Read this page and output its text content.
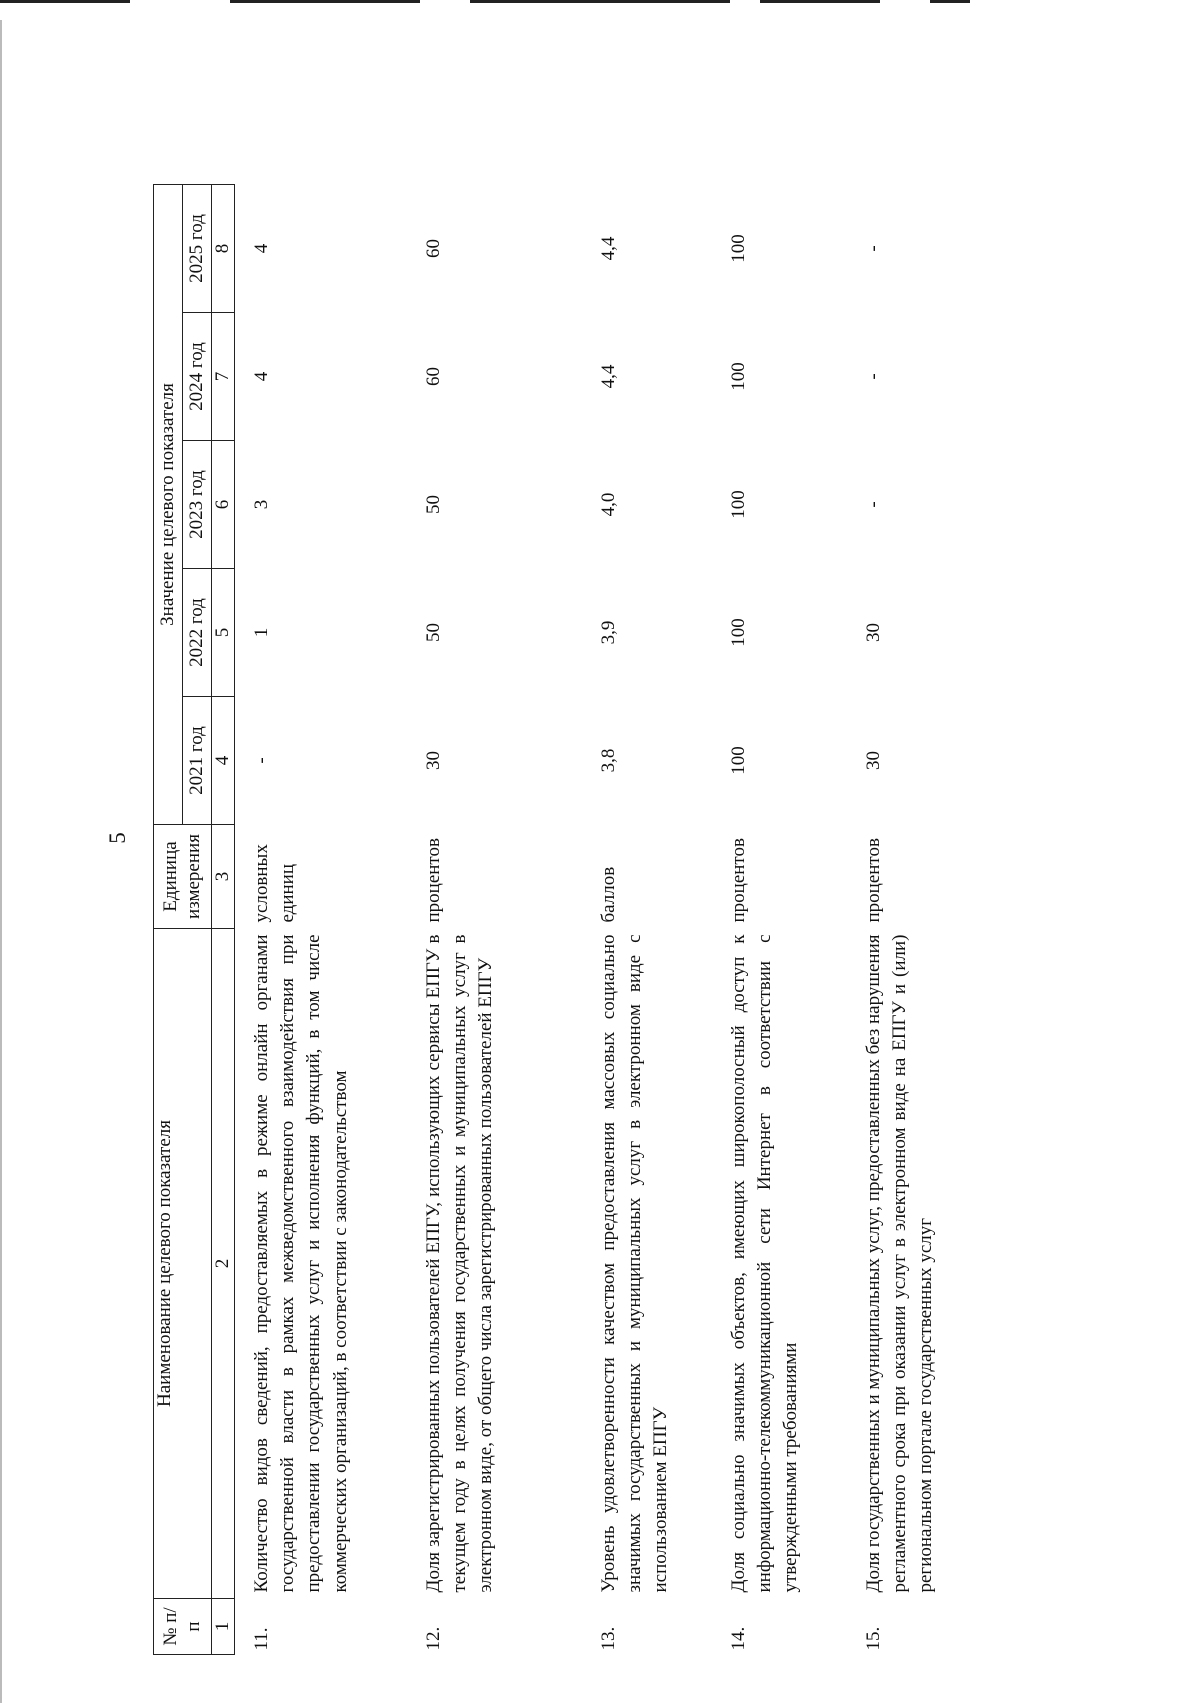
5
№ п/п	Наименование целевого показателя	Единица измерения	Значение целевого показателя				
			2021 год	2022 год	2023 год	2024 год	2025 год
1	2	3	4	5	6	7	8
11.	Количество видов сведений, предоставляемых в режиме онлайн органами государственной власти в рамках межведомственного взаимодействия при предоставлении государственных услуг и исполнения функций, в том числе коммерческих организаций, в соответствии с законодательством	условных единиц	-	1	3	4	4
12.	Доля зарегистрированных пользователей ЕПГУ, использующих сервисы ЕПГУ в текущем году в целях получения государственных и муниципальных услуг в электронном виде, от общего числа зарегистрированных пользователей ЕПГУ	процентов	30	50	50	60	60
13.	Уровень удовлетворенности качеством предоставления массовых социально значимых государственных и муниципальных услуг в электронном виде с использованием ЕПГУ	баллов	3,8	3,9	4,0	4,4	4,4
14.	Доля социально значимых объектов, имеющих широкополосный доступ к информационно-телекоммуникационной сети Интернет в соответствии с утвержденными требованиями	процентов	100	100	100	100	100
15.	Доля государственных и муниципальных услуг, предоставленных без нарушения регламентного срока при оказании услуг в электронном виде на ЕПГУ и (или) региональном портале государственных услуг	процентов	30	30	-	-	-
